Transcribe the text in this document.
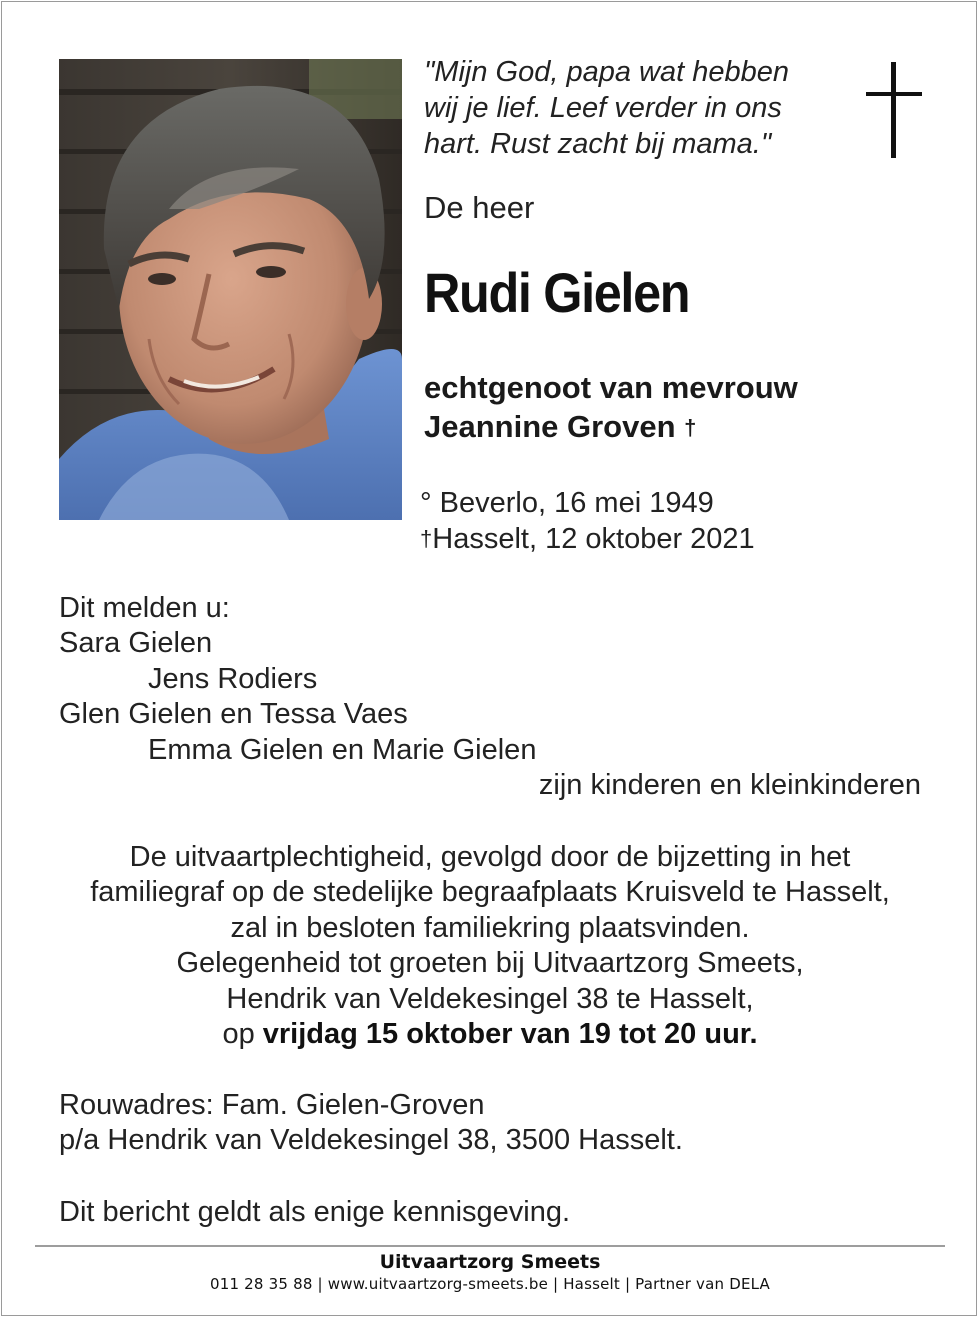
"Mijn God, papa wat hebben
wij je lief. Leef verder in ons
hart. Rust zacht bij mama."
De heer
Rudi Gielen
echtgenoot van mevrouw
Jeannine Groven †
° Beverlo, 16 mei 1949
†Hasselt, 12 oktober 2021
Dit melden u:
Sara Gielen
Jens Rodiers
Glen Gielen en Tessa Vaes
Emma Gielen en Marie Gielen
zijn kinderen en kleinkinderen
De uitvaartplechtigheid, gevolgd door de bijzetting in het
familiegraf op de stedelijke begraafplaats Kruisveld te Hasselt,
zal in besloten familiekring plaatsvinden.
Gelegenheid tot groeten bij Uitvaartzorg Smeets,
Hendrik van Veldekesingel 38 te Hasselt,
op vrijdag 15 oktober van 19 tot 20 uur.
Rouwadres: Fam. Gielen-Groven
p/a Hendrik van Veldekesingel 38, 3500 Hasselt.
Dit bericht geldt als enige kennisgeving.
Uitvaartzorg Smeets
011 28 35 88 | www.uitvaartzorg-smeets.be | Hasselt | Partner van DELA
